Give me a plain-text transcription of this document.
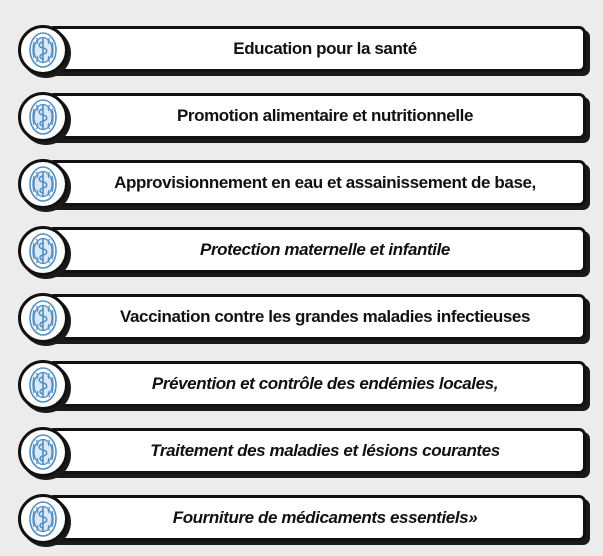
Education pour la santé
Promotion alimentaire et nutritionnelle
Approvisionnement en eau et assainissement de base,
Protection maternelle et infantile
Vaccination contre les grandes maladies infectieuses
Prévention et contrôle des endémies locales,
Traitement des maladies et lésions courantes
Fourniture de médicaments essentiels»
